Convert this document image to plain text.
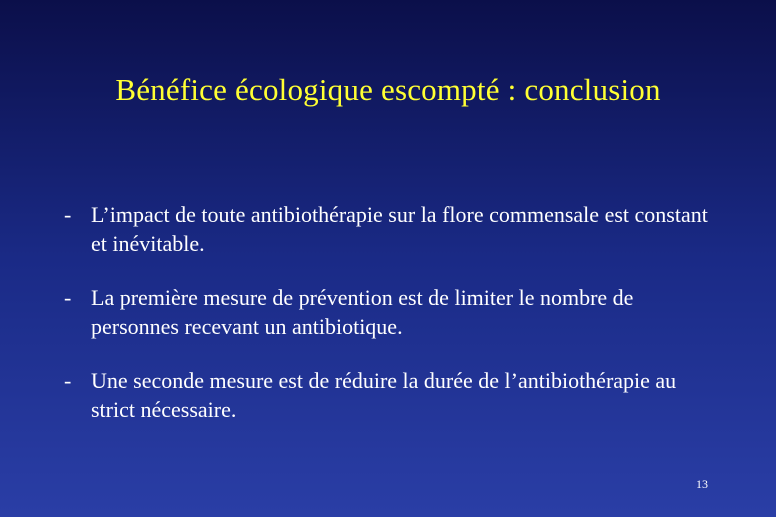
Bénéfice écologique escompté : conclusion
- L’impact de toute antibiothérapie sur la flore commensale est constant et inévitable.
- La première mesure de prévention est de limiter le nombre de personnes recevant un antibiotique.
- Une seconde mesure est de réduire la durée de l’antibiothérapie au strict nécessaire.
13
